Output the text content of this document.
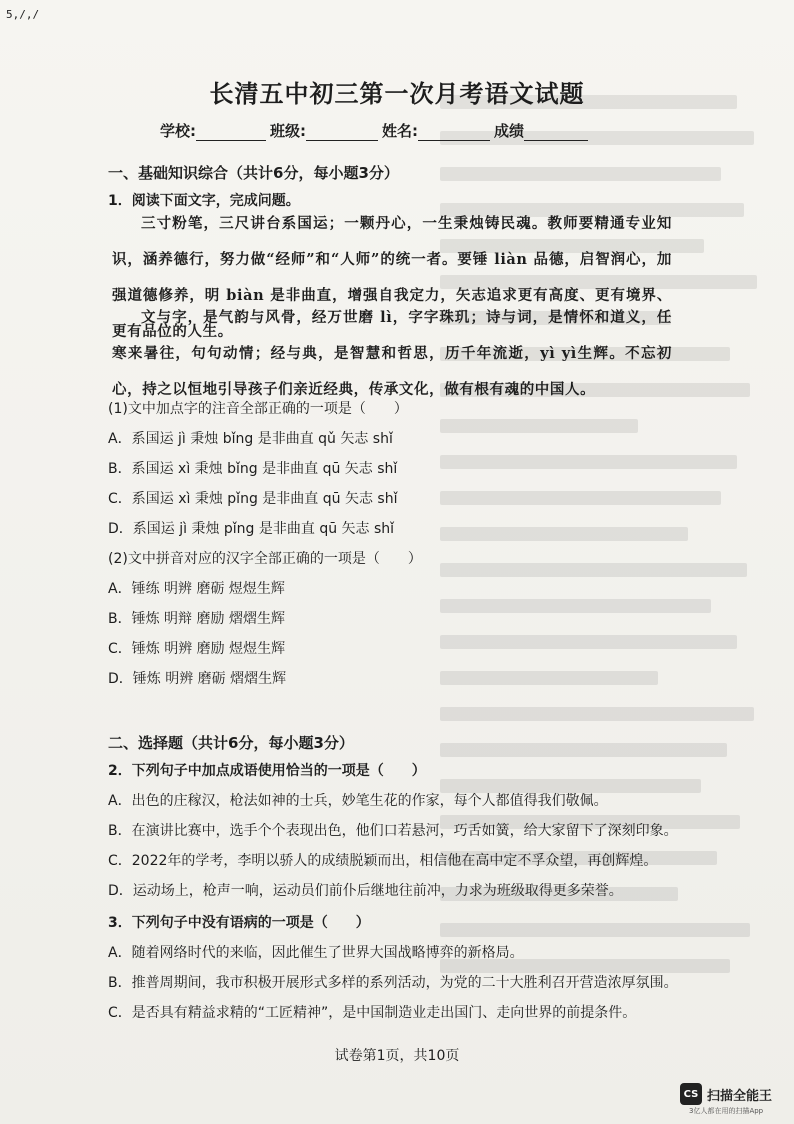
5,/,/
长清五中初三第一次月考语文试题
学校:	班级:	姓名:	成绩
一、基础知识综合（共计6分，每小题3分）
1．阅读下面文字，完成问题。
三寸粉笔，三尺讲台系国运；一颗丹心，一生秉烛铸民魂。教师要精通专业知识，涵养德行，努力做“经师”和“人师”的统一者。要锤 liàn 品德，启智润心，加强道德修养，明 biàn 是非曲直，增强自我定力，矢志追求更有高度、更有境界、更有品位的人生。
文与字，是气韵与风骨，经万世磨 lì，字字珠玑；诗与词，是情怀和道义，任寒来暑往，句句动情；经与典，是智慧和哲思，历千年流逝，yì yì生辉。不忘初心，持之以恒地引导孩子们亲近经典，传承文化，做有根有魂的中国人。
(1)文中加点字的注音全部正确的一项是（　　）
A．系国运 jì 秉烛 bǐng 是非曲直 qǔ 矢志 shǐ
B．系国运 xì 秉烛 bǐng 是非曲直 qū 矢志 shǐ
C．系国运 xì 秉烛 pǐng 是非曲直 qū 矢志 shǐ
D．系国运 jì 秉烛 pǐng 是非曲直 qū 矢志 shǐ
(2)文中拼音对应的汉字全部正确的一项是（　　）
A．锤练 明辨 磨砺 煜煜生辉
B．锤炼 明辩 磨励 熠熠生辉
C．锤炼 明辨 磨励 煜煜生辉
D．锤炼 明辨 磨砺 熠熠生辉
二、选择题（共计6分，每小题3分）
2．下列句子中加点成语使用恰当的一项是（　　）
A．出色的庄稼汉，枪法如神的士兵，妙笔生花的作家，每个人都值得我们敬佩。
B．在演讲比赛中，选手个个表现出色，他们口若悬河，巧舌如簧，给大家留下了深刻印象。
C．2022年的学考，李明以骄人的成绩脱颖而出，相信他在高中定不孚众望，再创辉煌。
D．运动场上，枪声一响，运动员们前仆后继地往前冲，力求为班级取得更多荣誉。
3．下列句子中没有语病的一项是（　　）
A．随着网络时代的来临，因此催生了世界大国战略博弈的新格局。
B．推普周期间，我市积极开展形式多样的系列活动，为党的二十大胜利召开营造浓厚氛围。
C．是否具有精益求精的“工匠精神”，是中国制造业走出国门、走向世界的前提条件。
试卷第1页，共10页
CS 扫描全能王
3亿人都在用的扫描App
